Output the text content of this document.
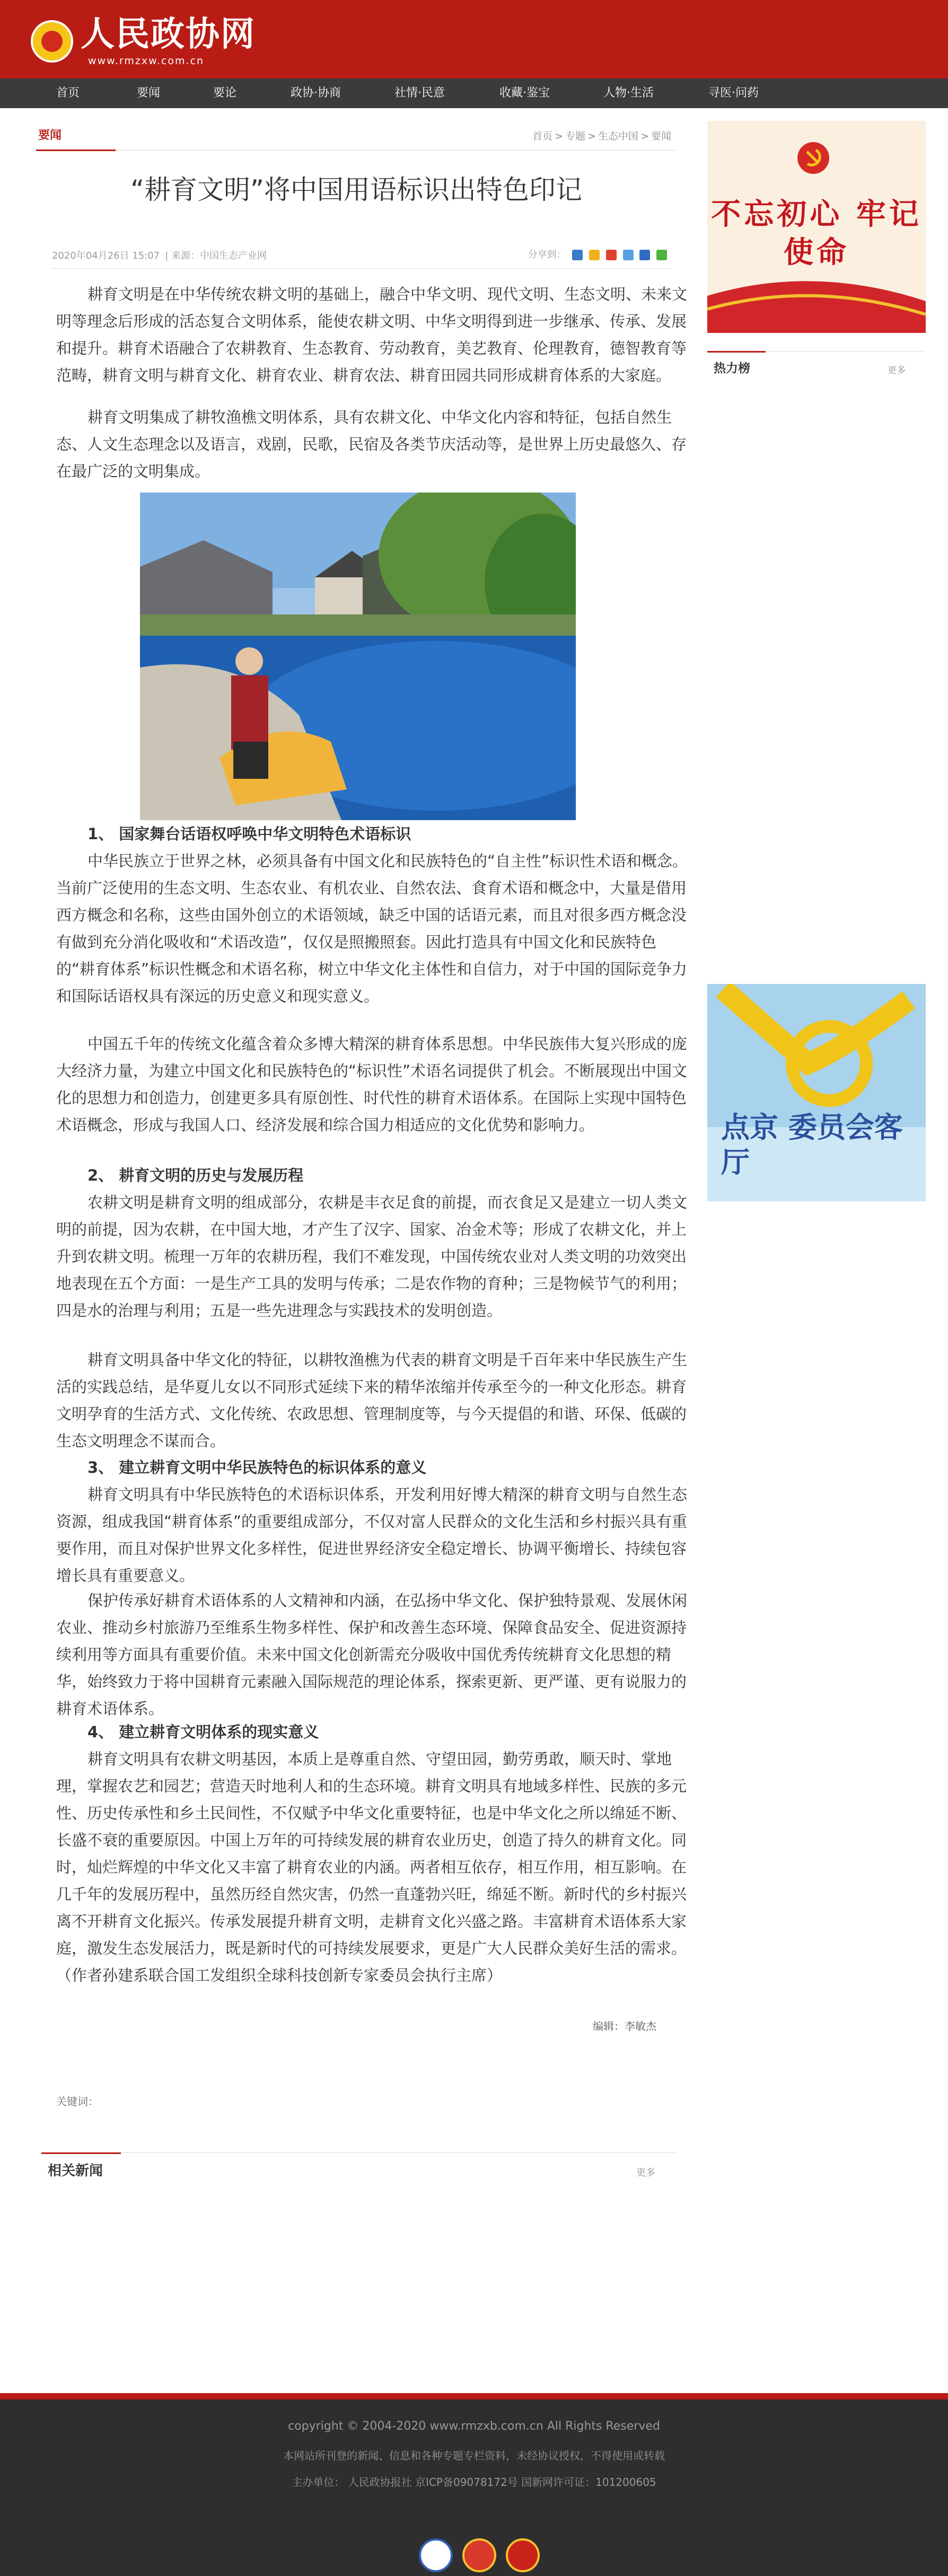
人民政协网
www.rmzxw.com.cn
首页	要闻	要论	政协·协商	社情·民意	收藏·鉴宝	人物·生活	寻医·问药
要闻	首页 > 专题 > 生态中国 > 要闻
“耕育文明”将中国用语标识出特色印记
2020年04月26日 15:07 | 来源：中国生态产业网	分享到：

耕育文明是在中华传统农耕文明的基础上，融合中华文明、现代文明、生态文明、未来文明等理念后形成的活态复合文明体系，能使农耕文明、中华文明得到进一步继承、传承、发展和提升。耕育术语融合了农耕教育、生态教育、劳动教育，美艺教育、伦理教育，德智教育等范畴，耕育文明与耕育文化、耕育农业、耕育农法、耕育田园共同形成耕育体系的大家庭。

耕育文明集成了耕牧渔樵文明体系，具有农耕文化、中华文化内容和特征，包括自然生态、人文生态理念以及语言，戏剧，民歌，民宿及各类节庆活动等，是世界上历史最悠久、存在最广泛的文明集成。

1、 国家舞台话语权呼唤中华文明特色术语标识

中华民族立于世界之林，必须具备有中国文化和民族特色的“自主性”标识性术语和概念。当前广泛使用的生态文明、生态农业、有机农业、自然农法、食育术语和概念中，大量是借用西方概念和名称，这些由国外创立的术语领域，缺乏中国的话语元素，而且对很多西方概念没有做到充分消化吸收和“术语改造”，仅仅是照搬照套。因此打造具有中国文化和民族特色的“耕育体系”标识性概念和术语名称，树立中华文化主体性和自信力，对于中国的国际竞争力和国际话语权具有深远的历史意义和现实意义。

中国五千年的传统文化蕴含着众多博大精深的耕育体系思想。中华民族伟大复兴形成的庞大经济力量，为建立中国文化和民族特色的“标识性”术语名词提供了机会。不断展现出中国文化的思想力和创造力，创建更多具有原创性、时代性的耕育术语体系。在国际上实现中国特色术语概念，形成与我国人口、经济发展和综合国力相适应的文化优势和影响力。

2、 耕育文明的历史与发展历程

农耕文明是耕育文明的组成部分，农耕是丰衣足食的前提，而衣食足又是建立一切人类文明的前提，因为农耕，在中国大地，才产生了汉字、国家、冶金术等；形成了农耕文化，并上升到农耕文明。梳理一万年的农耕历程，我们不难发现，中国传统农业对人类文明的功效突出地表现在五个方面：一是生产工具的发明与传承；二是农作物的育种；三是物候节气的利用；四是水的治理与利用；五是一些先进理念与实践技术的发明创造。

耕育文明具备中华文化的特征，以耕牧渔樵为代表的耕育文明是千百年来中华民族生产生活的实践总结，是华夏儿女以不同形式延续下来的精华浓缩并传承至今的一种文化形态。耕育文明孕育的生活方式、文化传统、农政思想、管理制度等，与今天提倡的和谐、环保、低碳的生态文明理念不谋而合。

3、 建立耕育文明中华民族特色的标识体系的意义

耕育文明具有中华民族特色的术语标识体系，开发利用好博大精深的耕育文明与自然生态资源，组成我国“耕育体系”的重要组成部分，不仅对富人民群众的文化生活和乡村振兴具有重要作用，而且对保护世界文化多样性，促进世界经济安全稳定增长、协调平衡增长、持续包容增长具有重要意义。

保护传承好耕育术语体系的人文精神和内涵，在弘扬中华文化、保护独特景观、发展休闲农业、推动乡村旅游乃至维系生物多样性、保护和改善生态环境、保障食品安全、促进资源持续利用等方面具有重要价值。未来中国文化创新需充分吸收中国优秀传统耕育文化思想的精华，始终致力于将中国耕育元素融入国际规范的理论体系，探索更新、更严谨、更有说服力的耕育术语体系。

4、 建立耕育文明体系的现实意义

耕育文明具有农耕文明基因，本质上是尊重自然、守望田园，勤劳勇敢，顺天时、掌地理，掌握农艺和园艺；营造天时地利人和的生态环境。耕育文明具有地域多样性、民族的多元性、历史传承性和乡土民间性，不仅赋予中华文化重要特征，也是中华文化之所以绵延不断、长盛不衰的重要原因。中国上万年的可持续发展的耕育农业历史，创造了持久的耕育文化。同时，灿烂辉煌的中华文化又丰富了耕育农业的内涵。两者相互依存，相互作用，相互影响。在几千年的发展历程中，虽然历经自然灾害，仍然一直蓬勃兴旺，绵延不断。新时代的乡村振兴离不开耕育文化振兴。传承发展提升耕育文明，走耕育文化兴盛之路。丰富耕育术语体系大家庭，激发生态发展活力，既是新时代的可持续发展要求，更是广大人民群众美好生活的需求。（作者孙建系联合国工发组织全球科技创新专家委员会执行主席）

编辑：李敏杰
关键词：
相关新闻	更多
不忘初心 牢记使命
热力榜	更多
点京 委员会客厅
copyright © 2004-2020 www.rmzxb.com.cn All Rights Reserved
本网站所刊登的新闻、信息和各种专题专栏资料，未经协议授权，不得使用或转载
主办单位： 人民政协报社 京ICP备09078172号 国新网许可证：101200605
